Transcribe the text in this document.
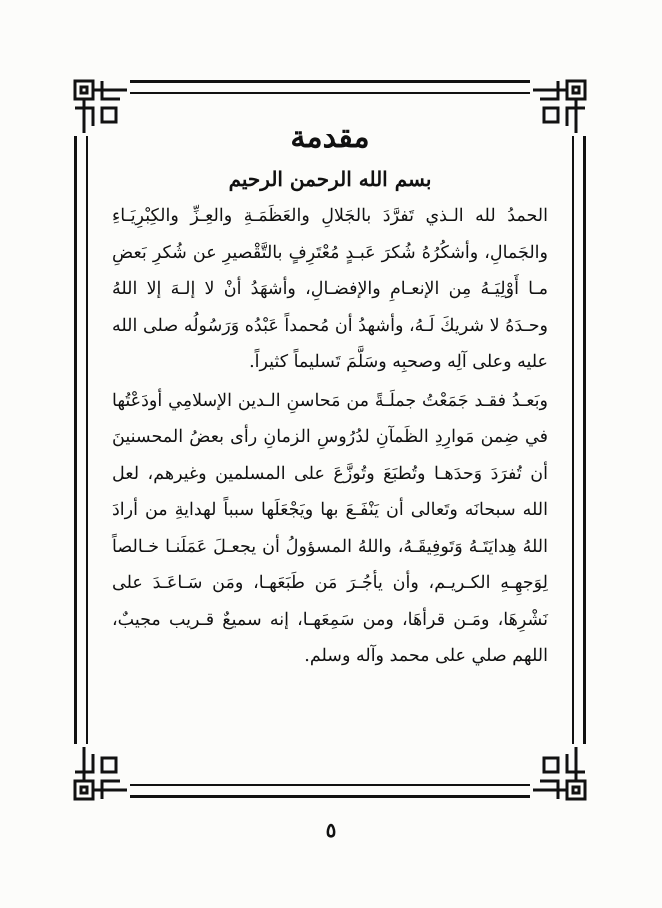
مقدمة
بسم الله الرحمن الرحيم

الحمدُ لله الـذي تَفرَّدَ بالجَلالِ والعَظَمَـةِ والعِـزِّ والكِبْرِيَـاءِ والجَمالِ، وأشكُرُهُ شُكرَ عَبـدٍ مُعْتَرِفٍ بالتَّقْصيرِ عن شُكرِ بَعضِ مـا أَوْلِيَـهُ مِن الإنعـامِ والإفضـالِ، وأشهَدُ أنْ لا إلـهَ إلا اللهُ وحـدَهُ لا شريكَ لَـهُ، وأشهدُ أن مُحمداً عَبْدُه وَرَسُولُه صلى الله عليه وعلى آلِه وصحبِه وسَلَّمَ تَسليماً كثيراً.

وبَعـدُ فقـد جَمَعْتُ جملَـةً من مَحاسنِ الـدين الإسلامِي أودَعْتُها في ضِمن مَوارِدِ الظَمآنِ لدُرُوسِ الزمانِ رأى بعضُ المحسنينَ أن تُفرَدَ وَحدَهـا وتُطبَعَ وتُوزَّعَ على المسلمين وغيرهم، لعل الله سبحانَه وتَعالى أن يَنْفَـعَ بها ويَجْعَلَها سبباً لهدايةِ من أرادَ اللهُ هِدايَتَـهُ وَتَوفِيقَـهُ، واللهُ المسؤولُ أن يجعـلَ عَمَلَنـا خـالصاً لِوَجهِـهِ الكـريـم، وأن يأجُـرَ مَن طَبَعَهـا، ومَن سَـاعَـدَ على نَشْرِهَا، ومَـن قرأهَا، ومن سَمِعَهـا، إنه سميعٌ قـريب مجيبٌ، اللهم صلي على محمد وآله وسلم.

٥
